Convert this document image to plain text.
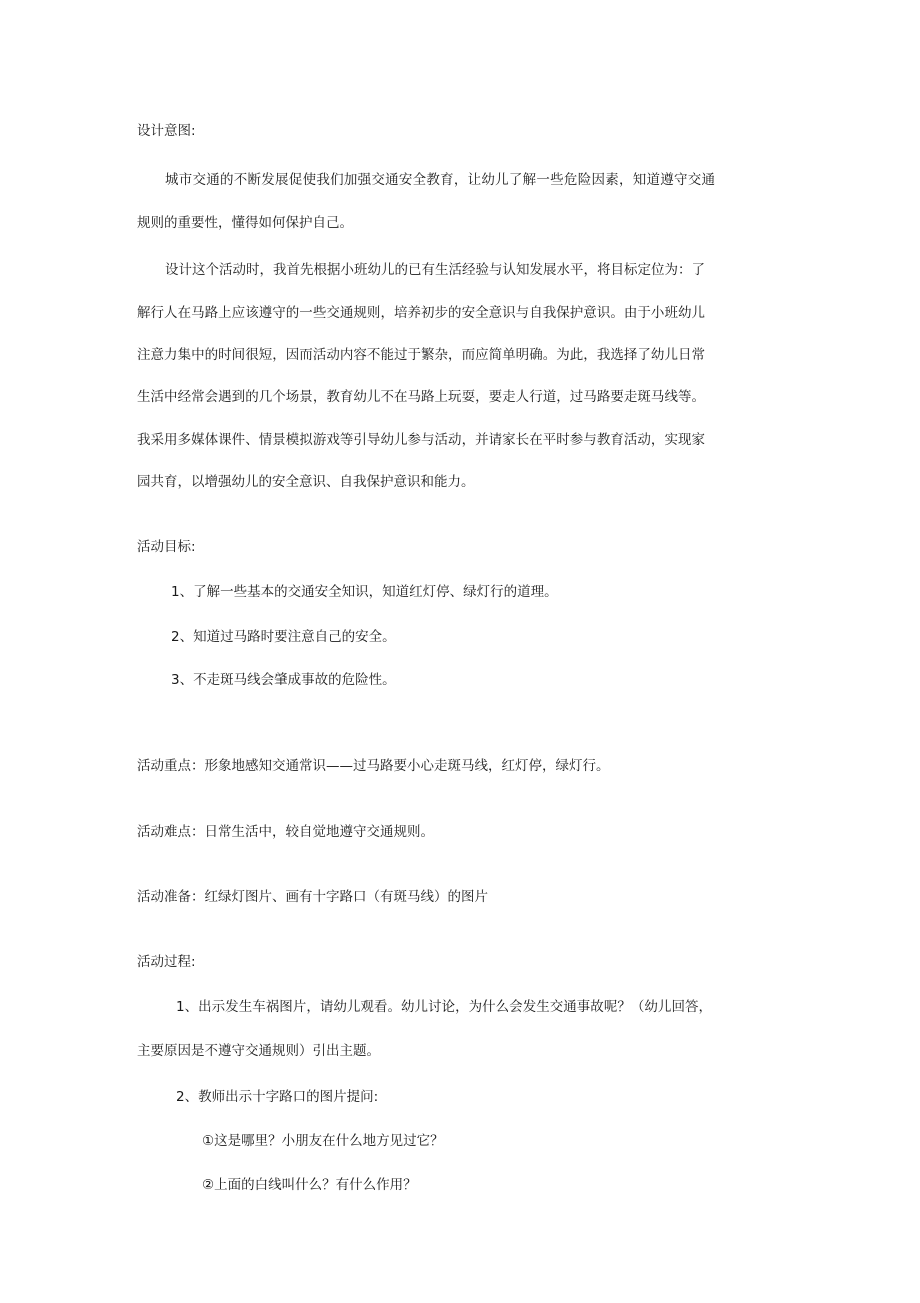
设计意图:
城市交通的不断发展促使我们加强交通安全教育，让幼儿了解一些危险因素，知道遵守交通
规则的重要性，懂得如何保护自己。
设计这个活动时，我首先根据小班幼儿的已有生活经验与认知发展水平，将目标定位为：了
解行人在马路上应该遵守的一些交通规则，培养初步的安全意识与自我保护意识。由于小班幼儿
注意力集中的时间很短，因而活动内容不能过于繁杂，而应简单明确。为此，我选择了幼儿日常
生活中经常会遇到的几个场景，教育幼儿不在马路上玩耍，要走人行道，过马路要走斑马线等。
我采用多媒体课件、情景模拟游戏等引导幼儿参与活动，并请家长在平时参与教育活动，实现家
园共育，以增强幼儿的安全意识、自我保护意识和能力。
活动目标:
1、了解一些基本的交通安全知识，知道红灯停、绿灯行的道理。
2、知道过马路时要注意自己的安全。
3、不走斑马线会肇成事故的危险性。
活动重点：形象地感知交通常识——过马路要小心走斑马线，红灯停，绿灯行。
活动难点：日常生活中，较自觉地遵守交通规则。
活动准备：红绿灯图片、画有十字路口（有斑马线）的图片
活动过程:
1、出示发生车祸图片，请幼儿观看。幼儿讨论，为什么会发生交通事故呢？（幼儿回答，
主要原因是不遵守交通规则）引出主题。
2、教师出示十字路口的图片提问:
①这是哪里？小朋友在什么地方见过它？
②上面的白线叫什么？有什么作用？
